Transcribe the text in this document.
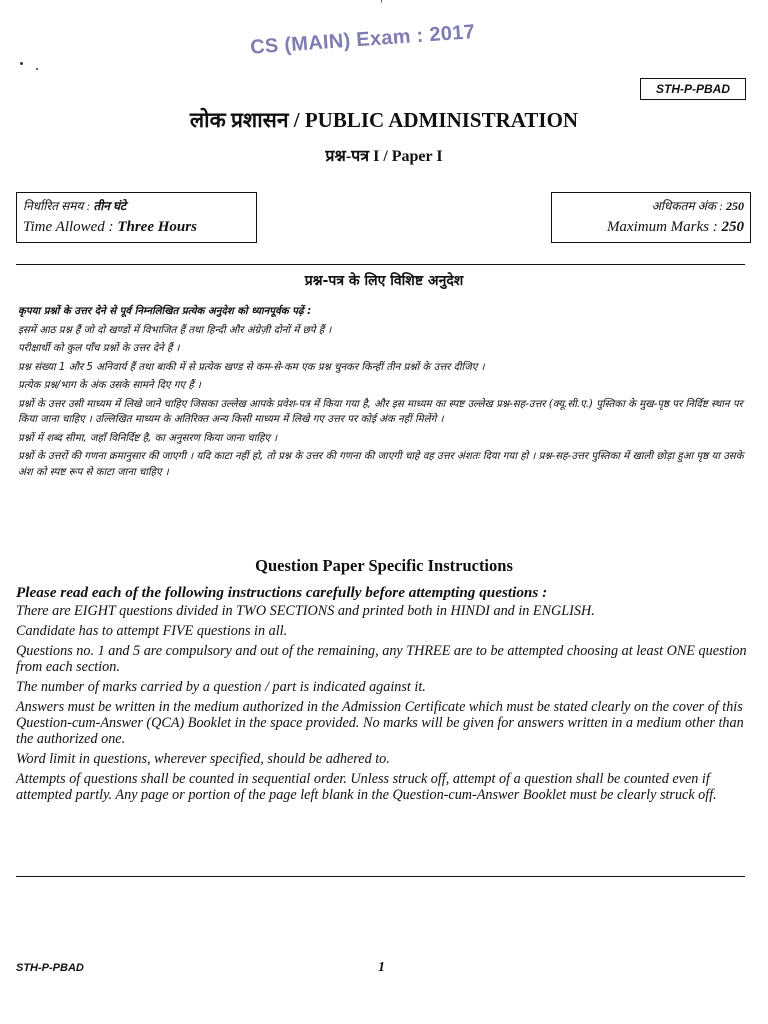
ˈ
CS (MAIN) Exam : 2017
STH-P-PBAD
लोक प्रशासन / PUBLIC ADMINISTRATION
प्रश्न-पत्र I / Paper I
निर्धारित समय : तीन घंटे
Time Allowed : Three Hours
अधिकतम अंक : 250
Maximum Marks : 250
प्रश्न-पत्र के लिए विशिष्ट अनुदेश

कृपया प्रश्नों के उत्तर देने से पूर्व निम्नलिखित प्रत्येक अनुदेश को ध्यानपूर्वक पढ़ें :

इसमें आठ प्रश्न हैं जो दो खण्डों में विभाजित हैं तथा हिन्दी और अंग्रेज़ी दोनों में छपे हैं ।

परीक्षार्थी को कुल पाँच प्रश्नों के उत्तर देने हैं ।

प्रश्न संख्या 1 और 5 अनिवार्य हैं तथा बाकी में से प्रत्येक खण्ड से कम-से-कम एक प्रश्न चुनकर किन्हीं तीन प्रश्नों के उत्तर दीजिए ।

प्रत्येक प्रश्न/भाग के अंक उसके सामने दिए गए हैं ।

प्रश्नों के उत्तर उसी माध्यम में लिखे जाने चाहिए जिसका उल्लेख आपके प्रवेश-पत्र में किया गया है, और इस माध्यम का स्पष्ट उल्लेख प्रश्न-सह-उत्तर (क्यू.सी.ए.) पुस्तिका के मुख-पृष्ठ पर निर्दिष्ट स्थान पर किया जाना चाहिए । उल्लिखित माध्यम के अतिरिक्त अन्य किसी माध्यम में लिखे गए उत्तर पर कोई अंक नहीं मिलेंगे ।

प्रश्नों में शब्द सीमा, जहाँ विनिर्दिष्ट है, का अनुसरण किया जाना चाहिए ।

प्रश्नों के उत्तरों की गणना क्रमानुसार की जाएगी । यदि काटा नहीं हो, तो प्रश्न के उत्तर की गणना की जाएगी चाहे वह उत्तर अंशतः दिया गया हो । प्रश्न-सह-उत्तर पुस्तिका में खाली छोड़ा हुआ पृष्ठ या उसके अंश को स्पष्ट रूप से काटा जाना चाहिए ।

Question Paper Specific Instructions

Please read each of the following instructions carefully before attempting questions :

There are EIGHT questions divided in TWO SECTIONS and printed both in HINDI and in ENGLISH.

Candidate has to attempt FIVE questions in all.

Questions no. 1 and 5 are compulsory and out of the remaining, any THREE are to be attempted choosing at least ONE question from each section.

The number of marks carried by a question / part is indicated against it.

Answers must be written in the medium authorized in the Admission Certificate which must be stated clearly on the cover of this Question-cum-Answer (QCA) Booklet in the space provided. No marks will be given for answers written in a medium other than the authorized one.

Word limit in questions, wherever specified, should be adhered to.

Attempts of questions shall be counted in sequential order. Unless struck off, attempt of a question shall be counted even if attempted partly. Any page or portion of the page left blank in the Question-cum-Answer Booklet must be clearly struck off.

STH-P-PBAD	1
